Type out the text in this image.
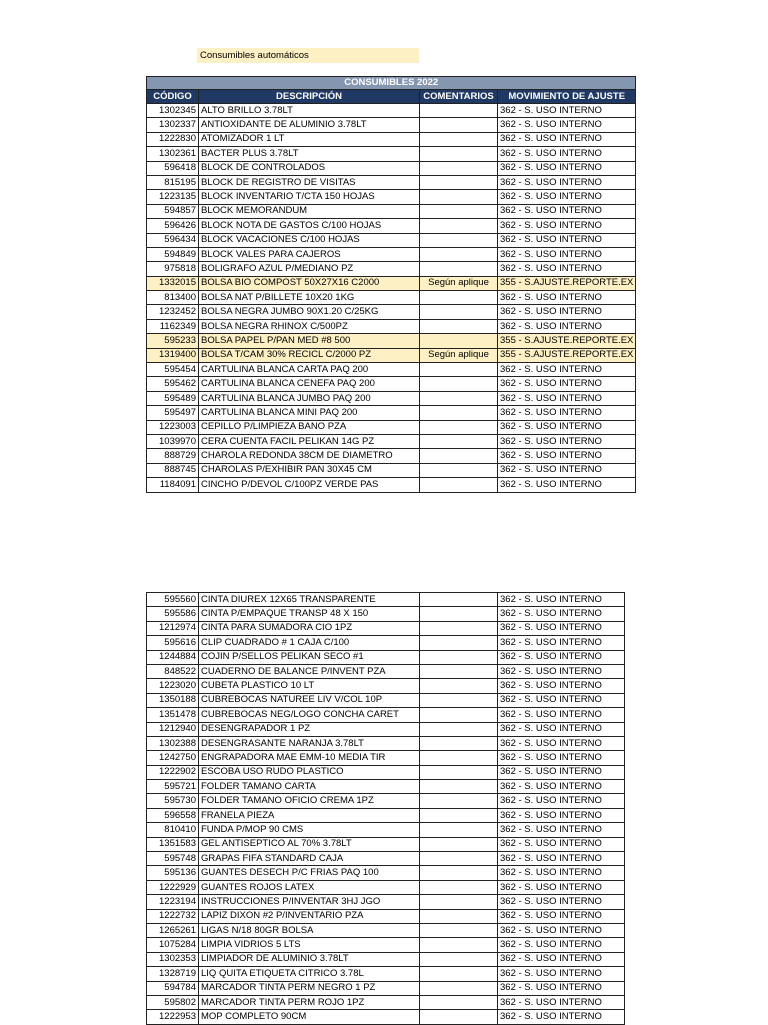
Consumibles automáticos
CONSUMIBLES 2022			
CÓDIGO	DESCRIPCIÓN	COMENTARIOS	MOVIMIENTO DE AJUSTE
1302345	ALTO BRILLO 3.78LT		362 - S. USO INTERNO
1302337	ANTIOXIDANTE DE ALUMINIO 3.78LT		362 - S. USO INTERNO
1222830	ATOMIZADOR 1 LT		362 - S. USO INTERNO
1302361	BACTER PLUS 3.78LT		362 - S. USO INTERNO
596418	BLOCK DE CONTROLADOS		362 - S. USO INTERNO
815195	BLOCK DE REGISTRO DE VISITAS		362 - S. USO INTERNO
1223135	BLOCK INVENTARIO T/CTA 150 HOJAS		362 - S. USO INTERNO
594857	BLOCK MEMORANDUM		362 - S. USO INTERNO
596426	BLOCK NOTA DE GASTOS C/100 HOJAS		362 - S. USO INTERNO
596434	BLOCK VACACIONES C/100 HOJAS		362 - S. USO INTERNO
594849	BLOCK VALES PARA CAJEROS		362 - S. USO INTERNO
975818	BOLIGRAFO AZUL P/MEDIANO PZ		362 - S. USO INTERNO
1332015	BOLSA BIO COMPOST 50X27X16 C2000	Según aplique	355 - S.AJUSTE.REPORTE.EX
813400	BOLSA NAT P/BILLETE 10X20 1KG		362 - S. USO INTERNO
1232452	BOLSA NEGRA JUMBO 90X1.20 C/25KG		362 - S. USO INTERNO
1162349	BOLSA NEGRA RHINOX C/500PZ		362 - S. USO INTERNO
595233	BOLSA PAPEL P/PAN MED #8 500		355 - S.AJUSTE.REPORTE.EX
1319400	BOLSA T/CAM 30% RECICL C/2000 PZ	Según aplique	355 - S.AJUSTE.REPORTE.EX
595454	CARTULINA BLANCA CARTA PAQ 200		362 - S. USO INTERNO
595462	CARTULINA BLANCA CENEFA PAQ 200		362 - S. USO INTERNO
595489	CARTULINA BLANCA JUMBO PAQ 200		362 - S. USO INTERNO
595497	CARTULINA BLANCA MINI PAQ 200		362 - S. USO INTERNO
1223003	CEPILLO P/LIMPIEZA BANO PZA		362 - S. USO INTERNO
1039970	CERA CUENTA FACIL PELIKAN 14G PZ		362 - S. USO INTERNO
888729	CHAROLA REDONDA 38CM DE DIAMETRO		362 - S. USO INTERNO
888745	CHAROLAS P/EXHIBIR PAN 30X45 CM		362 - S. USO INTERNO
1184091	CINCHO P/DEVOL C/100PZ VERDE PAS		362 - S. USO INTERNO
595560	CINTA DIUREX 12X65 TRANSPARENTE		362 - S. USO INTERNO
595586	CINTA P/EMPAQUE TRANSP 48 X 150		362 - S. USO INTERNO
1212974	CINTA PARA SUMADORA CIO 1PZ		362 - S. USO INTERNO
595616	CLIP CUADRADO # 1 CAJA C/100		362 - S. USO INTERNO
1244884	COJIN P/SELLOS PELIKAN SECO #1		362 - S. USO INTERNO
848522	CUADERNO DE BALANCE P/INVENT PZA		362 - S. USO INTERNO
1223020	CUBETA PLASTICO 10 LT		362 - S. USO INTERNO
1350188	CUBREBOCAS NATUREE LIV V/COL 10P		362 - S. USO INTERNO
1351478	CUBREBOCAS NEG/LOGO CONCHA CARET		362 - S. USO INTERNO
1212940	DESENGRAPADOR 1 PZ		362 - S. USO INTERNO
1302388	DESENGRASANTE NARANJA 3.78LT		362 - S. USO INTERNO
1242750	ENGRAPADORA MAE EMM-10 MEDIA TIR		362 - S. USO INTERNO
1222902	ESCOBA USO RUDO PLASTICO		362 - S. USO INTERNO
595721	FOLDER TAMANO CARTA		362 - S. USO INTERNO
595730	FOLDER TAMANO OFICIO CREMA 1PZ		362 - S. USO INTERNO
596558	FRANELA PIEZA		362 - S. USO INTERNO
810410	FUNDA P/MOP 90 CMS		362 - S. USO INTERNO
1351583	GEL ANTISEPTICO AL 70% 3.78LT		362 - S. USO INTERNO
595748	GRAPAS FIFA STANDARD CAJA		362 - S. USO INTERNO
595136	GUANTES DESECH P/C FRIAS PAQ 100		362 - S. USO INTERNO
1222929	GUANTES ROJOS LATEX		362 - S. USO INTERNO
1223194	INSTRUCCIONES P/INVENTAR 3HJ JGO		362 - S. USO INTERNO
1222732	LAPIZ DIXON #2 P/INVENTARIO PZA		362 - S. USO INTERNO
1265261	LIGAS N/18 80GR BOLSA		362 - S. USO INTERNO
1075284	LIMPIA VIDRIOS 5 LTS		362 - S. USO INTERNO
1302353	LIMPIADOR DE ALUMINIO 3.78LT		362 - S. USO INTERNO
1328719	LIQ QUITA ETIQUETA CITRICO 3.78L		362 - S. USO INTERNO
594784	MARCADOR TINTA PERM NEGRO 1 PZ		362 - S. USO INTERNO
595802	MARCADOR TINTA PERM ROJO 1PZ		362 - S. USO INTERNO
1222953	MOP COMPLETO 90CM		362 - S. USO INTERNO
